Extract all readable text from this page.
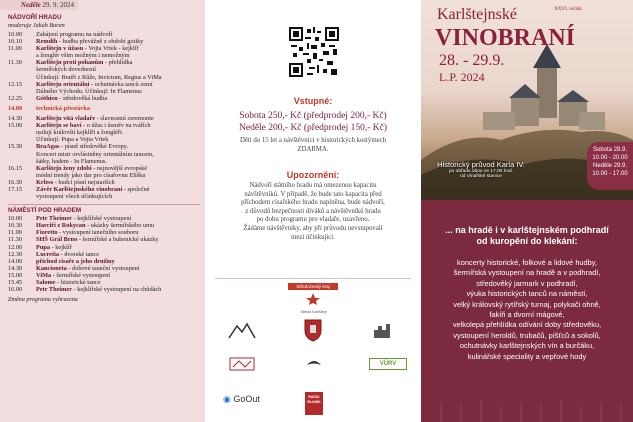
Neděle 29. 9. 2024
NÁDVOŘÍ HRADU
moderuje Jakub Baran
10.00	Zahájení programu na nádvoří
10.10	Remdih - hudba převážně z období gotiky
11.00	Karlštejn v úžasu - Vojta Vrtek - kejklíř
a žonglér všim možným i nemožným
11.30	Karlštejn proti pohanům - přehlídka
šermířských dovedností
Účinkují: Bratři z Růže, Invictum, Regius a ViMa
12.15	Karlštejn orientální - ochutnávka tanců zemí
Dálného Východu. Účinkují: In Flamenus
12.25	Góthien - středověká hudba
14.00	technická přestávka
14.30	Karlštejn vítá vladaře - slavnostní ceremonie
15.00	Karlštejn se baví - o úžas i úsměv na tvářích
usilují královští kejklíři a žongléři.
Účinkují: Pupa a Vojta Vrtek
15.30	BraAgas - písně středověké Evropy.
Koncert mistr orvlástněny orientálním tancem,
šátky, hadem - In Flamenus.
16.15	Karlštejn ženy zdobí - nejnovější evropské
módní trendy jako dar pro císařovnu Elišku
16.30	Krless - hudci písní nejstarších
17.15	Závěr Karlštejnského vinobraní - společné
vystoupení všech účinkujících
NÁMĚSTÍ POD HRADEM
10.00	Petr Theimer - kejklířské vystoupení
10.30	Harciří z Rokycan - ukázky šermířského umu
11.00	Fioretto - vystoupení tanečního souboru
11.30	SHŠ Grál Brno - šermířské a bubenické ukázky
12.00	Pupa - kejklíř
12.30	Lucretia - dvorské tance
14.00	příchod císaře a jeho družiny
14.30	Kancioneta - dobové taneční vystoupení
15.00	ViMa - šermířské vystoupení
15.45	Salome - historické tance
16.00	Petr Theimer - kejklířské vystoupení na chůdách
Změna programu vyhrazena
Vstupné:
Sobota 250,- Kč (předprodej 200,- Kč)
Neděle 200,- Kč (předprodej 150,- Kč)
Děti do 15 let a návštěvníci v historických kostýmech
ZDARMA.
Upozornění:
Nádvoří státního hradu má omezenou kapacitu
návštěvníků. V případě, že bude tato kapacita před
příchodem císařského hradu naplněna, bude nádvoří,
z důvodů bezpečnosti diváků a návštěvníků hradu
po dobu programu pro vladaře, uzavřeno.
Žádáme návštěvníky, aby při průvodu nevstupovali
mezi účinkující.
Středočeský kraj
Město Karlštejn
VÚRV
◉ GoOut	RADIO BLANÍK
Karlštejnské	XXVI. ročník
VINOBRANÍ
28. - 29.9.
L.P. 2024
Historický průvod Karla IV.
po obřadu obou ve 17.00 hod.
od Vinařské stanice
Sobota 28.9.
10.00 - 20.00
Neděle 29.9.
10.00 - 17.00
... na hradě i v karlštejnském podhradí
od kuropění do klekání:
koncerty historické, folkové a lidové hudby,
šermířská vystoupení na hradě a v podhradí,
středověký jarmark v podhradí,
výuka historických tanců na náměstí,
velký královský rytířský turnaj, polykači ohně,
fakíři a dvorní mágové,
velkolepá přehlídka odívání doby středověku,
vystoupení heroldů, trubačů, píšťců a sokolů,
ochutnávky karlštejnských vín a burčáku,
kulinářské speciality a vepřové hody
